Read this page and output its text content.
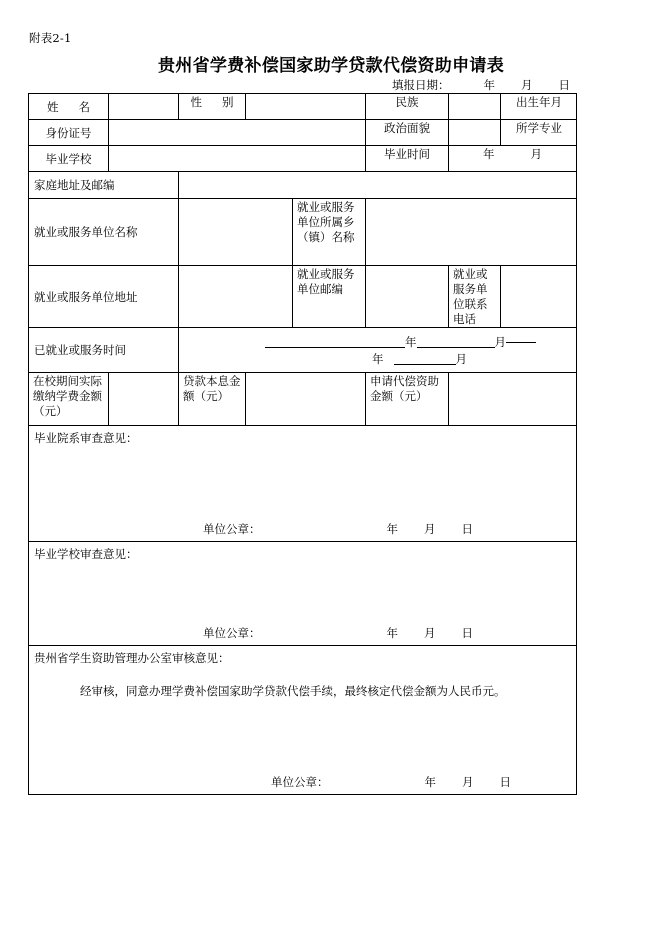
附表2-1
贵州省学费补偿国家助学贷款代偿资助申请表
填报日期：	年 月 日
姓 名		性 别			民族		出生年月

身份证号					政治面貌		所学专业

毕业学校					毕业时间	年 月	

家庭地址及邮编							

就业或服务单位名称				就业或服务单位所属乡（镇）名称			

就业或服务单位地址				就业或服务单位邮编		就业或服务单位联系电话	

已就业或服务时间		年 月
年 月					

在校期间实际缴纳学费金额（元）		贷款本息金额（元）			申请代偿资助金额（元）		

毕业院系审查意见：
单位公章： 年 月 日							

毕业学校审查意见：
单位公章： 年 月 日							

贵州省学生资助管理办公室审核意见：
经审核，同意办理学费补偿国家助学贷款代偿手续，最终核定代偿金额为人民币元。
单位公章： 年 月 日							
